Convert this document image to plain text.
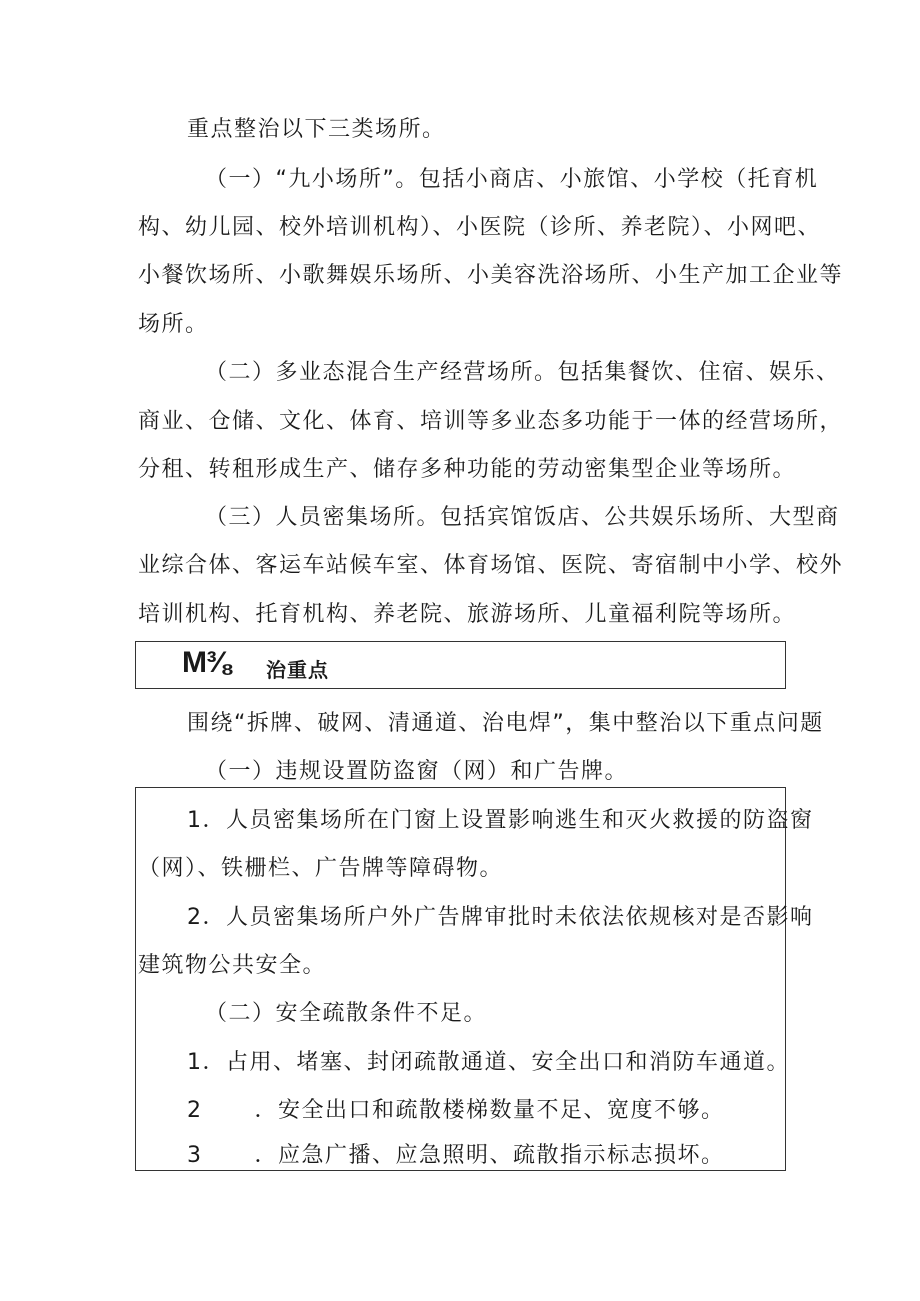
重点整治以下三类场所。
（一）“九小场所”。包括小商店、小旅馆、小学校（托育机
构、幼儿园、校外培训机构）、小医院（诊所、养老院）、小网吧、
小餐饮场所、小歌舞娱乐场所、小美容洗浴场所、小生产加工企业等
场所。
（二）多业态混合生产经营场所。包括集餐饮、住宿、娱乐、
商业、仓储、文化、体育、培训等多业态多功能于一体的经营场所，
分租、转租形成生产、储存多种功能的劳动密集型企业等场所。
（三）人员密集场所。包括宾馆饭店、公共娱乐场所、大型商
业综合体、客运车站候车室、体育场馆、医院、寄宿制中小学、校外
培训机构、托育机构、养老院、旅游场所、儿童福利院等场所。
M⅜ 治重点
围绕“拆牌、破网、清通道、治电焊”，集中整治以下重点问题
（一）违规设置防盗窗（网）和广告牌。
1．人员密集场所在门窗上设置影响逃生和灭火救援的防盗窗
（网）、铁栅栏、广告牌等障碍物。
2．人员密集场所户外广告牌审批时未依法依规核对是否影响
建筑物公共安全。
（二）安全疏散条件不足。
1．占用、堵塞、封闭疏散通道、安全出口和消防车通道。
2 ．安全出口和疏散楼梯数量不足、宽度不够。
3 ．应急广播、应急照明、疏散指示标志损坏。
